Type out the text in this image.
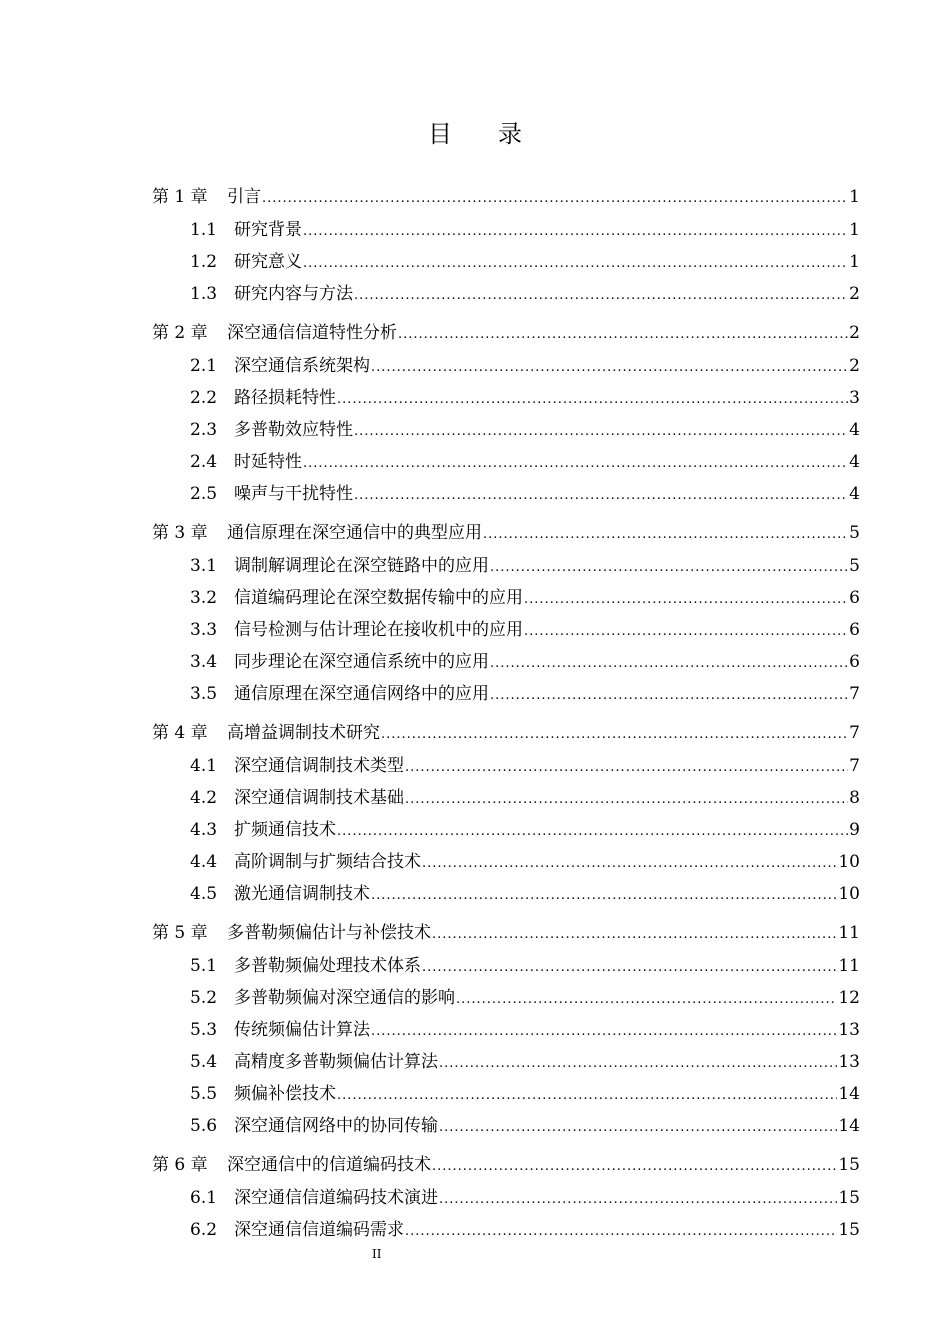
目录
第 1 章	引言 .....	1
1.1 研究背景 .....	1
1.2 研究意义 .....	1
1.3 研究内容与方法 .....	2
第 2 章	深空通信信道特性分析 .....	2
2.1 深空通信系统架构 .....	2
2.2 路径损耗特性 .....	3
2.3 多普勒效应特性 .....	4
2.4 时延特性 .....	4
2.5 噪声与干扰特性 .....	4
第 3 章	通信原理在深空通信中的典型应用 .....	5
3.1 调制解调理论在深空链路中的应用 .....	5
3.2 信道编码理论在深空数据传输中的应用 .....	6
3.3 信号检测与估计理论在接收机中的应用 .....	6
3.4 同步理论在深空通信系统中的应用 .....	6
3.5 通信原理在深空通信网络中的应用 .....	7
第 4 章	高增益调制技术研究 .....	7
4.1 深空通信调制技术类型 .....	7
4.2 深空通信调制技术基础 .....	8
4.3 扩频通信技术 .....	9
4.4 高阶调制与扩频结合技术 .....	10
4.5 激光通信调制技术 .....	10
第 5 章	多普勒频偏估计与补偿技术 .....	11
5.1 多普勒频偏处理技术体系 .....	11
5.2 多普勒频偏对深空通信的影响 .....	12
5.3 传统频偏估计算法 .....	13
5.4 高精度多普勒频偏估计算法 .....	13
5.5 频偏补偿技术 .....	14
5.6 深空通信网络中的协同传输 .....	14
第 6 章	深空通信中的信道编码技术 .....	15
6.1 深空通信信道编码技术演进 .....	15
6.2 深空通信信道编码需求 .....	15
II
